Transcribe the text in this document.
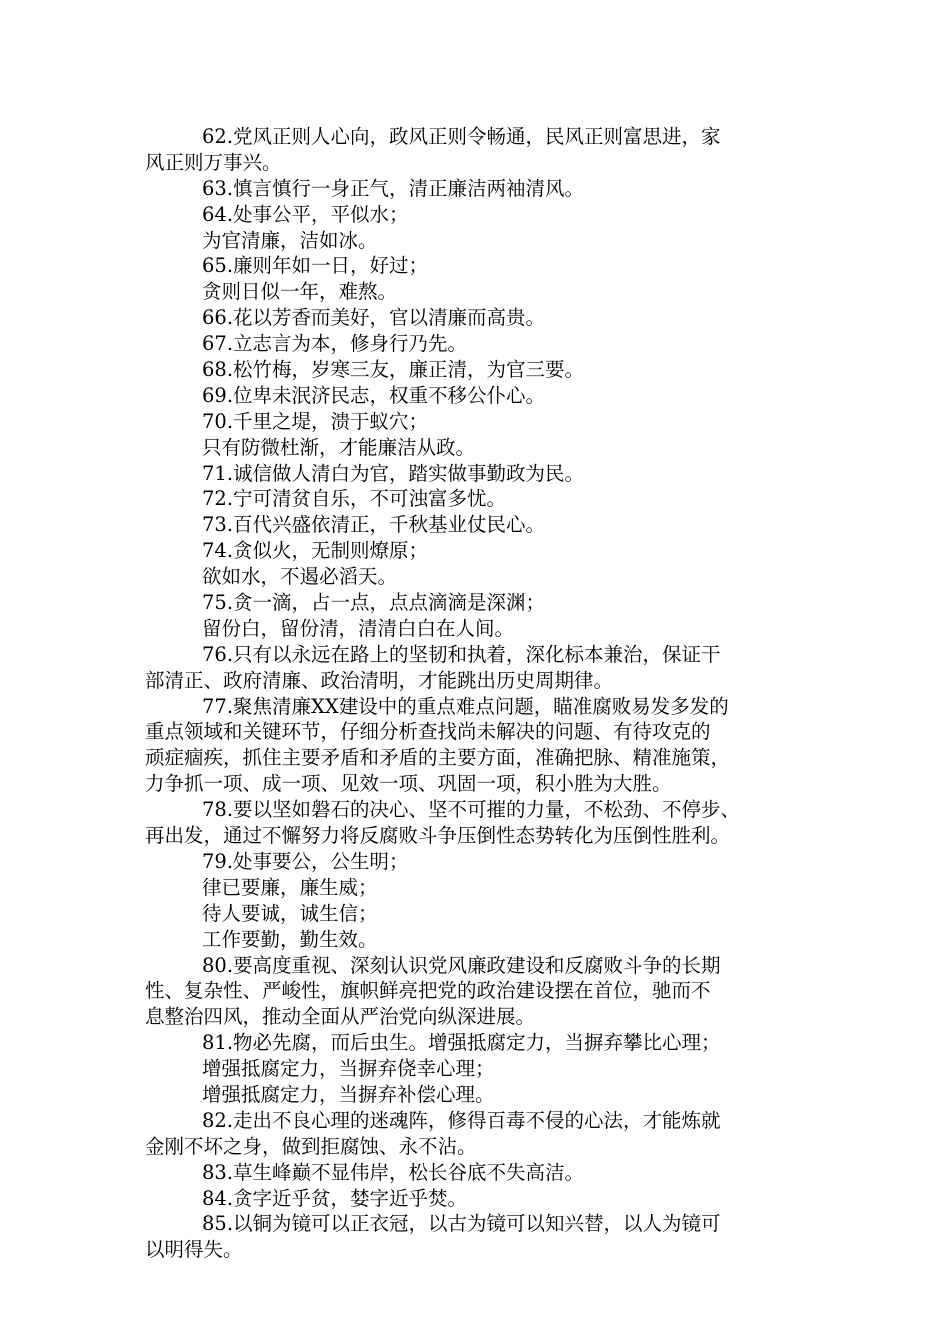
62.党风正则人心向，政风正则令畅通，民风正则富思进，家
风正则万事兴。
63.慎言慎行一身正气，清正廉洁两袖清风。
64.处事公平，平似水；
为官清廉，洁如冰。
65.廉则年如一日，好过；
贪则日似一年，难熬。
66.花以芳香而美好，官以清廉而高贵。
67.立志言为本，修身行乃先。
68.松竹梅，岁寒三友，廉正清，为官三要。
69.位卑未泯济民志，权重不移公仆心。
70.千里之堤，溃于蚁穴；
只有防微杜渐，才能廉洁从政。
71.诚信做人清白为官，踏实做事勤政为民。
72.宁可清贫自乐，不可浊富多忧。
73.百代兴盛依清正，千秋基业仗民心。
74.贪似火，无制则燎原；
欲如水，不遏必滔天。
75.贪一滴，占一点，点点滴滴是深渊；
留份白，留份清，清清白白在人间。
76.只有以永远在路上的坚韧和执着，深化标本兼治，保证干
部清正、政府清廉、政治清明，才能跳出历史周期律。
77.聚焦清廉XX建设中的重点难点问题，瞄准腐败易发多发的
重点领域和关键环节，仔细分析查找尚未解决的问题、有待攻克的
顽症痼疾，抓住主要矛盾和矛盾的主要方面，准确把脉、精准施策，
力争抓一项、成一项、见效一项、巩固一项，积小胜为大胜。
78.要以坚如磐石的决心、坚不可摧的力量，不松劲、不停步、
再出发，通过不懈努力将反腐败斗争压倒性态势转化为压倒性胜利。
79.处事要公，公生明；
律已要廉，廉生威；
待人要诚，诚生信；
工作要勤，勤生效。
80.要高度重视、深刻认识党风廉政建设和反腐败斗争的长期
性、复杂性、严峻性，旗帜鲜亮把党的政治建设摆在首位，驰而不
息整治四风，推动全面从严治党向纵深进展。
81.物必先腐，而后虫生。增强抵腐定力，当摒弃攀比心理；
增强抵腐定力，当摒弃侥幸心理；
增强抵腐定力，当摒弃补偿心理。
82.走出不良心理的迷魂阵，修得百毒不侵的心法，才能炼就
金刚不坏之身，做到拒腐蚀、永不沾。
83.草生峰巅不显伟岸，松长谷底不失高洁。
84.贪字近乎贫，婪字近乎焚。
85.以铜为镜可以正衣冠，以古为镜可以知兴替，以人为镜可
以明得失。
